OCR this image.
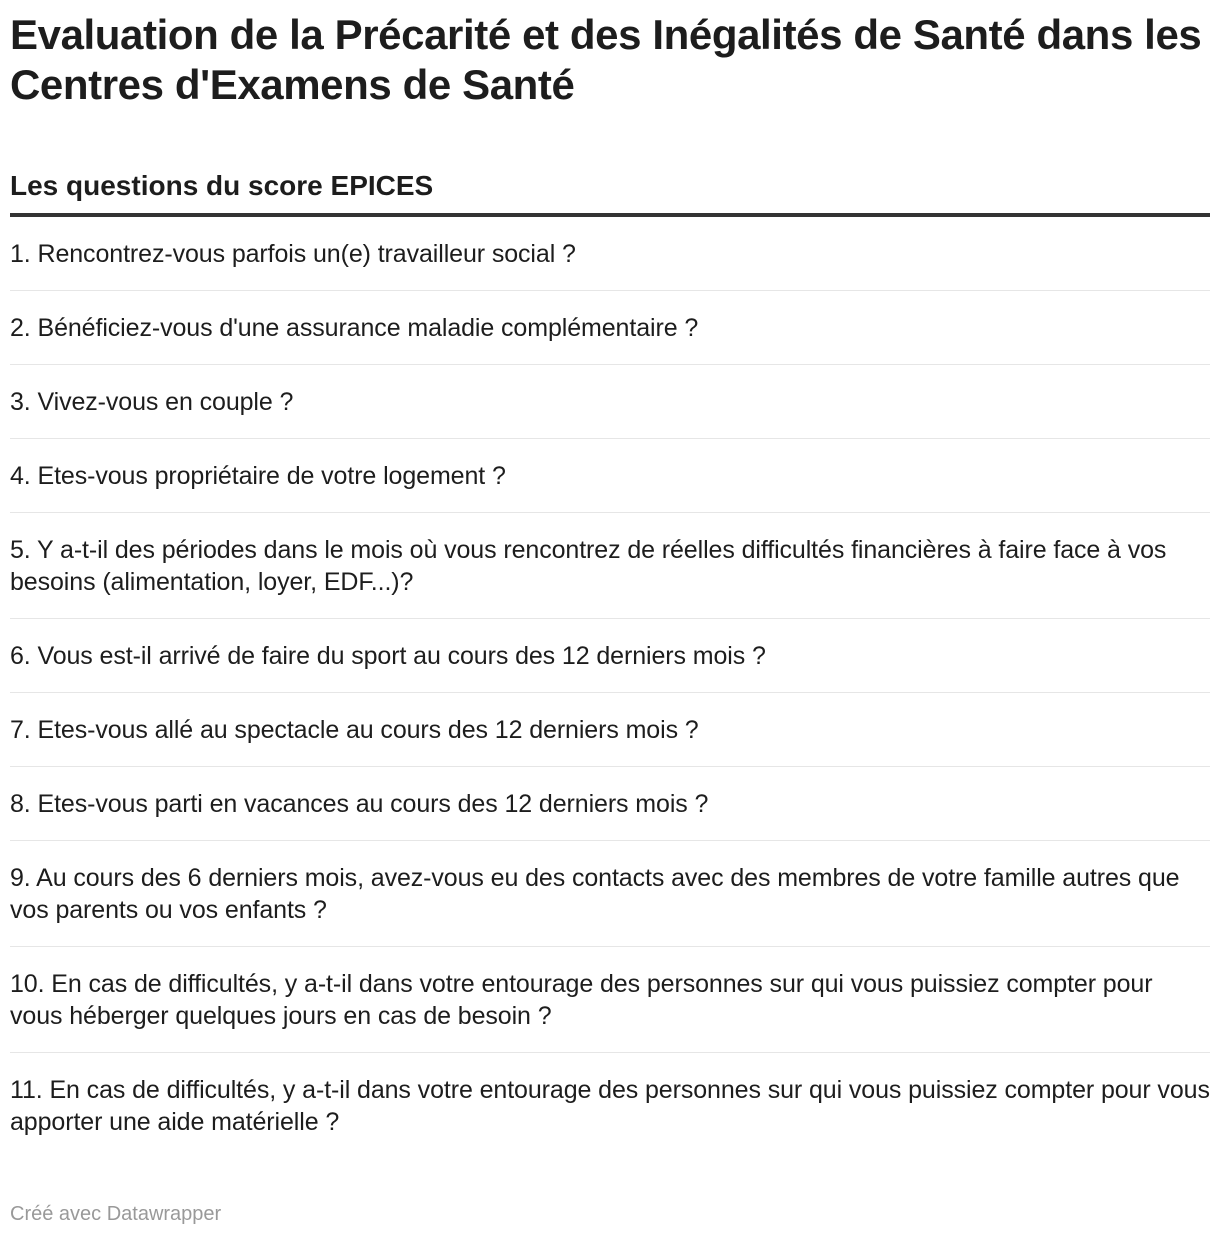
Evaluation de la Précarité et des Inégalités de Santé dans les Centres d'Examens de Santé
Les questions du score EPICES
1. Rencontrez-vous parfois un(e) travailleur social ?
2. Bénéficiez-vous d'une assurance maladie complémentaire ?
3. Vivez-vous en couple ?
4. Etes-vous propriétaire de votre logement ?
5. Y a-t-il des périodes dans le mois où vous rencontrez de réelles difficultés financières à faire face à vos besoins (alimentation, loyer, EDF...)?
6. Vous est-il arrivé de faire du sport au cours des 12 derniers mois ?
7. Etes-vous allé au spectacle au cours des 12 derniers mois ?
8. Etes-vous parti en vacances au cours des 12 derniers mois ?
9. Au cours des 6 derniers mois, avez-vous eu des contacts avec des membres de votre famille autres que vos parents ou vos enfants ?
10. En cas de difficultés, y a-t-il dans votre entourage des personnes sur qui vous puissiez compter pour vous héberger quelques jours en cas de besoin ?
11. En cas de difficultés, y a-t-il dans votre entourage des personnes sur qui vous puissiez compter pour vous apporter une aide matérielle ?
Créé avec Datawrapper
